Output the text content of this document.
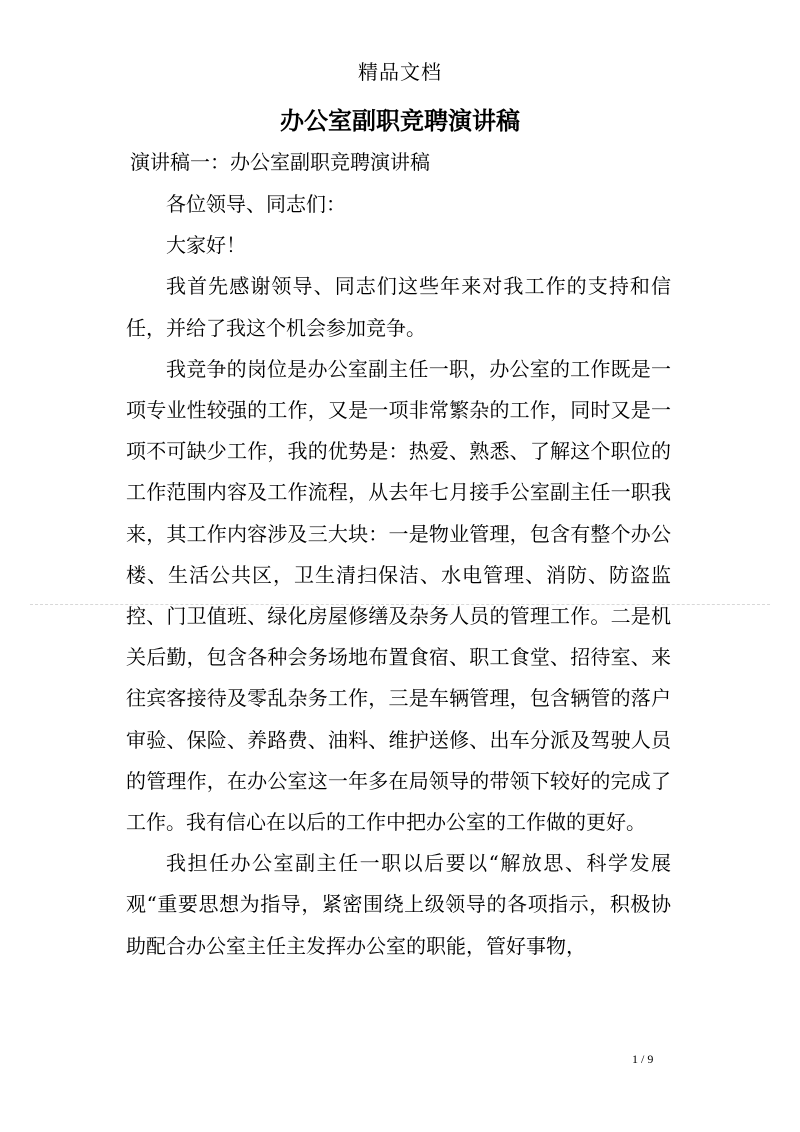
精品文档
办公室副职竞聘演讲稿
演讲稿一：办公室副职竞聘演讲稿

各位领导、同志们：

大家好！

我首先感谢领导、同志们这些年来对我工作的支持和信任，并给了我这个机会参加竞争。

我竞争的岗位是办公室副主任一职，办公室的工作既是一项专业性较强的工作，又是一项非常繁杂的工作，同时又是一项不可缺少工作，我的优势是：热爱、熟悉、了解这个职位的工作范围内容及工作流程，从去年七月接手公室副主任一职我来，其工作内容涉及三大块：一是物业管理，包含有整个办公楼、生活公共区，卫生清扫保洁、水电管理、消防、防盗监控、门卫值班、绿化房屋修缮及杂务人员的管理工作。二是机关后勤，包含各种会务场地布置食宿、职工食堂、招待室、来往宾客接待及零乱杂务工作，三是车辆管理，包含辆管的落户审验、保险、养路费、油料、维护送修、出车分派及驾驶人员的管理作，在办公室这一年多在局领导的带领下较好的完成了工作。我有信心在以后的工作中把办公室的工作做的更好。

我担任办公室副主任一职以后要以“解放思、科学发展观“重要思想为指导，紧密围绕上级领导的各项指示，积极协助配合办公室主任主发挥办公室的职能，管好事物，

1 / 9
